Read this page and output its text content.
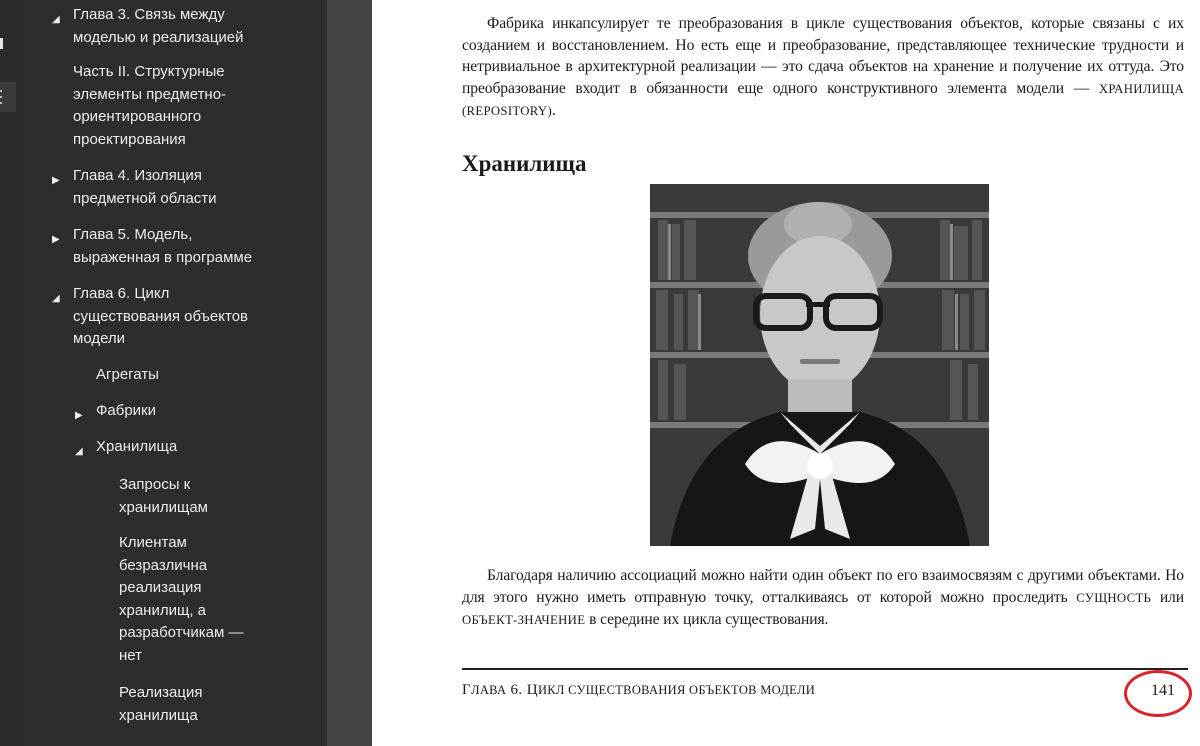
◢ Глава 3. Связь между
моделью и реализацией
Часть II. Структурные
элементы предметно-
ориентированного
проектирования
▶ Глава 4. Изоляция
предметной области
▶ Глава 5. Модель,
выраженная в программе
◢ Глава 6. Цикл
существования объектов
модели
Агрегаты
▶ Фабрики
◢ Хранилища
Запросы к
хранилищам
Клиентам
безразлична
реализация
хранилищ, а
разработчикам —
нет
Реализация
хранилища

Фабрика инкапсулирует те преобразования в цикле существования объектов, которые связаны с их созданием и восстановлением. Но есть еще и преобразование, представляющее технические трудности и нетривиальное в архитектурной реализации — это сдача объектов на хранение и получение их оттуда. Это преобразование входит в обязанности еще одного конструктивного элемента модели — ХРАНИЛИЩА (REPOSITORY).

Хранилища

Благодаря наличию ассоциаций можно найти один объект по его взаимосвязям с другими объектами. Но для этого нужно иметь отправную точку, отталкиваясь от которой можно проследить СУЩНОСТЬ или ОБЪЕКТ-ЗНАЧЕНИЕ в середине их цикла существования.

ГЛАВА 6. ЦИКЛ СУЩЕСТВОВАНИЯ ОБЪЕКТОВ МОДЕЛИ	141
